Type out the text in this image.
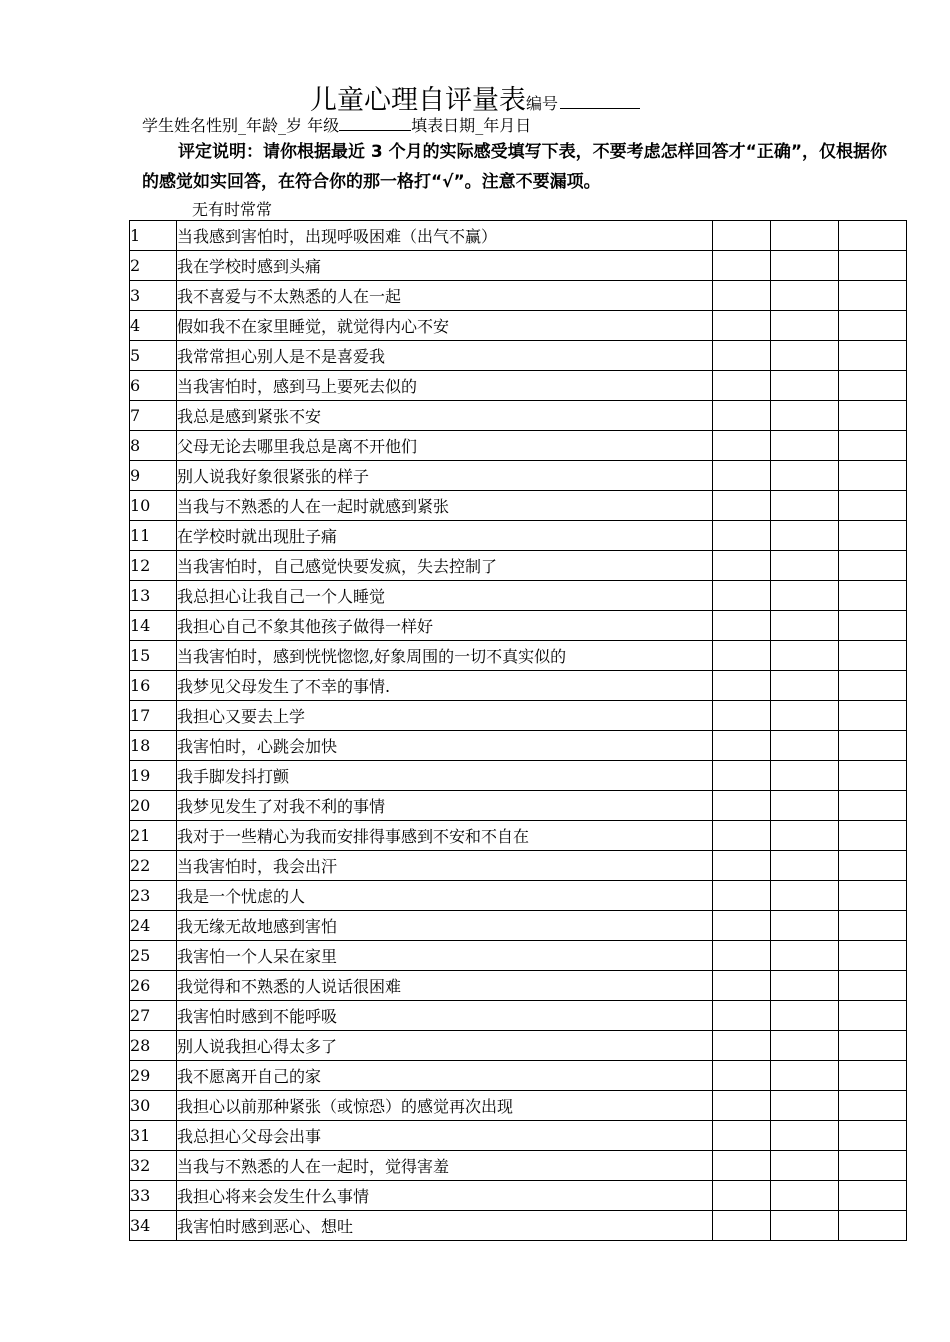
儿童心理自评量表编号
学生姓名性别_年龄_岁 年级	填表日期_年月日
评定说明：请你根据最近 3 个月的实际感受填写下表，不要考虑怎样回答才“正确”，仅根据你的感觉如实回答，在符合你的那一格打“√”。注意不要漏项。
无有时常常
1	当我感到害怕时，出现呼吸困难（出气不赢）			
2	我在学校时感到头痛			
3	我不喜爱与不太熟悉的人在一起			
4	假如我不在家里睡觉，就觉得内心不安			
5	我常常担心别人是不是喜爱我			
6	当我害怕时，感到马上要死去似的			
7	我总是感到紧张不安			
8	父母无论去哪里我总是离不开他们			
9	别人说我好象很紧张的样子			
10	当我与不熟悉的人在一起时就感到紧张			
11	在学校时就出现肚子痛			
12	当我害怕时，自己感觉快要发疯，失去控制了			
13	我总担心让我自己一个人睡觉			
14	我担心自己不象其他孩子做得一样好			
15	当我害怕时，感到恍恍惚惚,好象周围的一切不真实似的			
16	我梦见父母发生了不幸的事情.			
17	我担心又要去上学			
18	我害怕时，心跳会加快			
19	我手脚发抖打颤			
20	我梦见发生了对我不利的事情			
21	我对于一些精心为我而安排得事感到不安和不自在			
22	当我害怕时，我会出汗			
23	我是一个忧虑的人			
24	我无缘无故地感到害怕			
25	我害怕一个人呆在家里			
26	我觉得和不熟悉的人说话很困难			
27	我害怕时感到不能呼吸			
28	别人说我担心得太多了			
29	我不愿离开自己的家			
30	我担心以前那种紧张（或惊恐）的感觉再次出现			
31	我总担心父母会出事			
32	当我与不熟悉的人在一起时，觉得害羞			
33	我担心将来会发生什么事情			
34	我害怕时感到恶心、想吐			
